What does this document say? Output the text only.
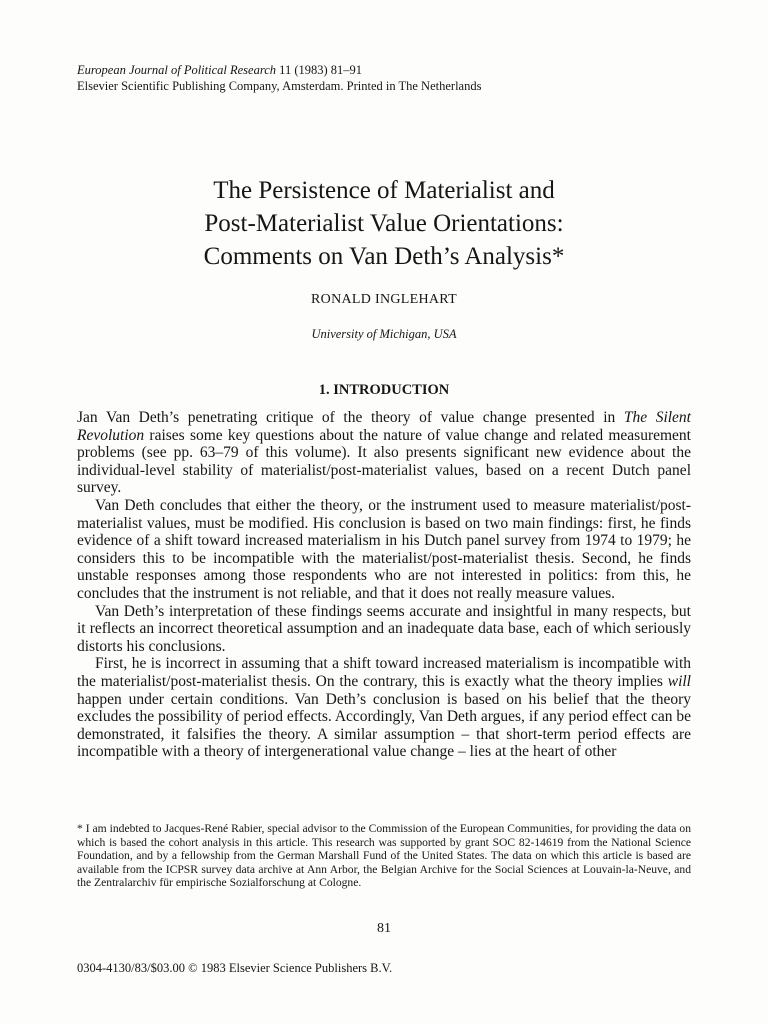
European Journal of Political Research 11 (1983) 81–91
Elsevier Scientific Publishing Company, Amsterdam. Printed in The Netherlands
The Persistence of Materialist and
Post-Materialist Value Orientations:
Comments on Van Deth’s Analysis*
RONALD INGLEHART
University of Michigan, USA
1. INTRODUCTION

Jan Van Deth’s penetrating critique of the theory of value change presented in The Silent Revolution raises some key questions about the nature of value change and related measurement problems (see pp. 63–79 of this volume). It also presents significant new evidence about the individual-level stability of materialist/post-materialist values, based on a recent Dutch panel survey.

Van Deth concludes that either the theory, or the instrument used to measure materialist/post-materialist values, must be modified. His conclusion is based on two main findings: first, he finds evidence of a shift toward increased materialism in his Dutch panel survey from 1974 to 1979; he considers this to be incompatible with the materialist/post-materialist thesis. Second, he finds unstable responses among those respondents who are not interested in politics: from this, he concludes that the instrument is not reliable, and that it does not really measure values.

Van Deth’s interpretation of these findings seems accurate and insightful in many respects, but it reflects an incorrect theoretical assumption and an inadequate data base, each of which seriously distorts his conclusions.

First, he is incorrect in assuming that a shift toward increased materialism is incompatible with the materialist/post-materialist thesis. On the contrary, this is exactly what the theory implies will happen under certain conditions. Van Deth’s conclusion is based on his belief that the theory excludes the possibility of period effects. Accordingly, Van Deth argues, if any period effect can be demonstrated, it falsifies the theory. A similar assumption – that short-term period effects are incompatible with a theory of intergenerational value change – lies at the heart of other

* I am indebted to Jacques-René Rabier, special advisor to the Commission of the European Communities, for providing the data on which is based the cohort analysis in this article. This research was supported by grant SOC 82-14619 from the National Science Foundation, and by a fellowship from the German Marshall Fund of the United States. The data on which this article is based are available from the ICPSR survey data archive at Ann Arbor, the Belgian Archive for the Social Sciences at Louvain-la-Neuve, and the Zentralarchiv für empirische Sozialforschung at Cologne.
81
0304-4130/83/$03.00 © 1983 Elsevier Science Publishers B.V.
